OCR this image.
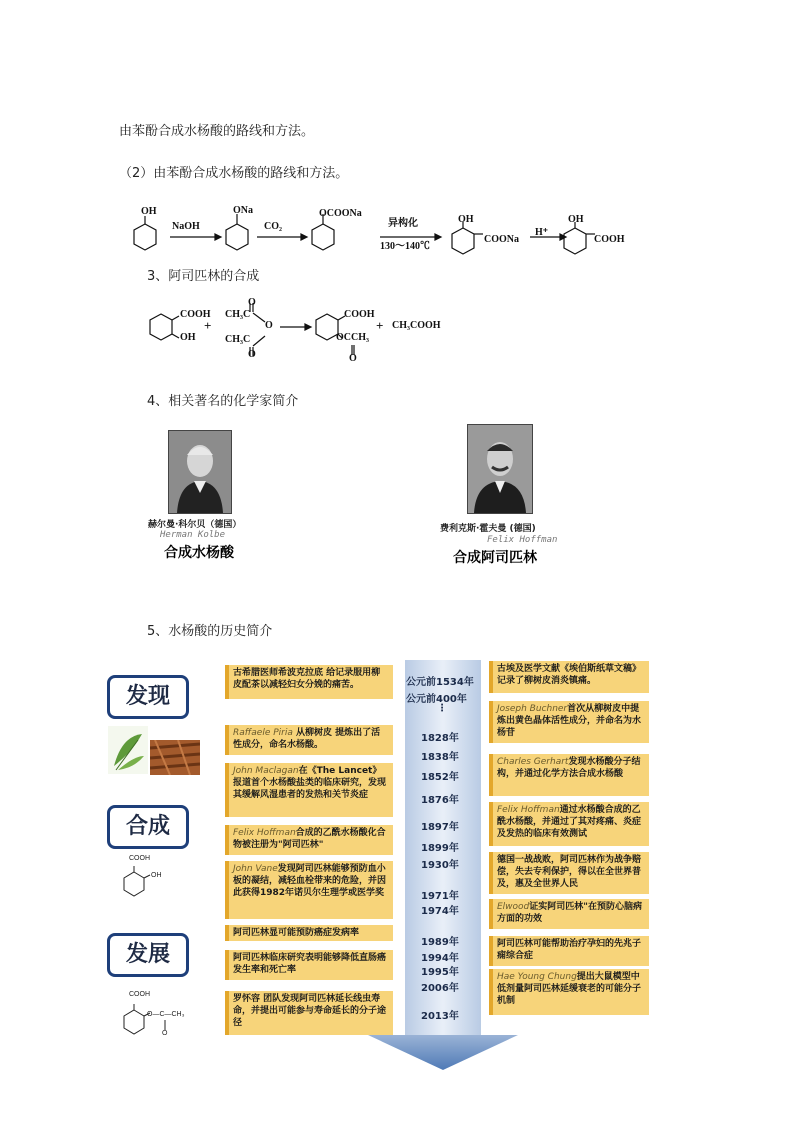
由苯酚合成水杨酸的路线和方法。
（2）由苯酚合成水杨酸的路线和方法。
OH
NaOH
ONa
CO₂
OCOONa
异构化
130～140℃
OH
COONa
H⁺
OH
COOH
3、阿司匹林的合成
COOH
OH
+
O
CH₃C
O
CH₃C
O
COOH
OCCH₃
O
+ CH₃COOH
4、相关著名的化学家简介
赫尔曼·科尔贝（德国）
Herman Kolbe
合成水杨酸
费利克斯·霍夫曼 (德国)
Felix Hoffman
合成阿司匹林
5、水杨酸的历史简介
公元前1534年
公元前400年
⋮
1828年
1838年
1852年
1876年
1897年
1899年
1930年
1971年
1974年
1989年
1994年
1995年
2006年
2013年
古希腊医师希波克拉底 给记录服用柳皮配茶以减轻妇女分娩的痛苦。
Raffaele Piria 从柳树皮 提炼出了活性成分，命名水杨酸。
John Maclagan在《The Lancet》报道首个水杨酸盐类的临床研究，发现其缓解风湿患者的发热和关节炎症
Felix Hoffman合成的乙酰水杨酸化合物被注册为"阿司匹林"
John Vane发现阿司匹林能够预防血小板的凝结，减轻血栓带来的危险，并因此获得1982年诺贝尔生理学或医学奖
阿司匹林显可能预防癌症发病率
阿司匹林临床研究表明能够降低直肠癌发生率和死亡率
罗怀容 团队发现阿司匹林延长线虫寿命，并提出可能参与寿命延长的分子途径
古埃及医学文献《埃伯斯纸草文稿》记录了柳树皮消炎镇痛。
Joseph Buchner首次从柳树皮中提炼出黄色晶体活性成分，并命名为水杨苷
Charles Gerhart发现水杨酸分子结构，并通过化学方法合成水杨酸
Felix Hoffman通过水杨酸合成的乙酰水杨酸，并通过了其对疼痛、炎症及发热的临床有效测试
德国一战战败，阿司匹林作为战争赔偿，失去专利保护，得以在全世界普及，惠及全世界人民
Elwood证实阿司匹林"在预防心脑病方面的功效
阿司匹林可能帮助治疗孕妇的先兆子痫综合症
Hae Young Chung提出大鼠模型中低剂量阿司匹林延缓衰老的可能分子机制
发现
合成
发展
COOH
OH
COOH
O—C—CH₃
O
